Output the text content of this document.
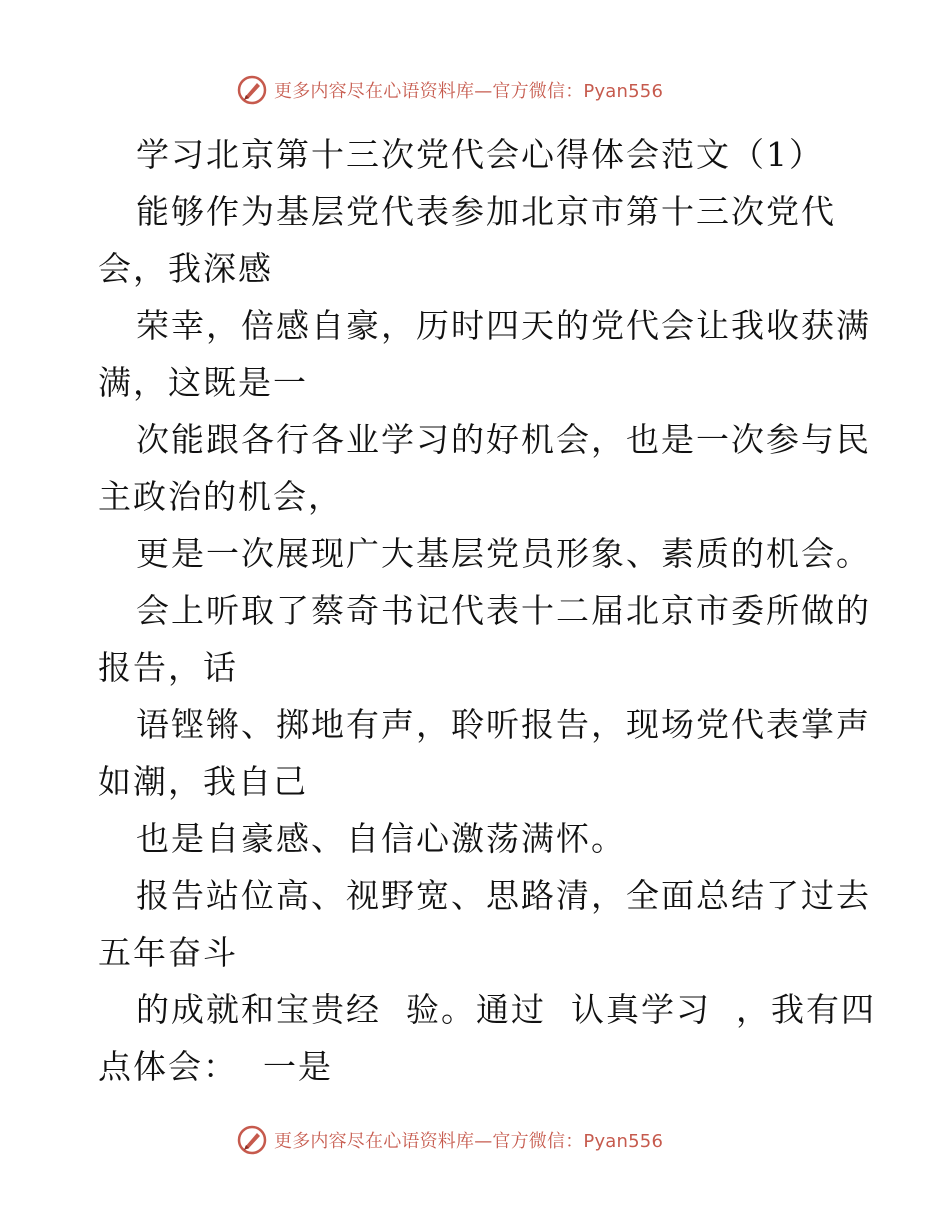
更多内容尽在心语资料库—官方微信：Pyan556

学习北京第十三次党代会心得体会范文（1）

能够作为基层党代表参加北京市第十三次党代

会，我深感

荣幸，倍感自豪，历时四天的党代会让我收获满

满，这既是一

次能跟各行各业学习的好机会，也是一次参与民

主政治的机会，

更是一次展现广大基层党员形象、素质的机会。

会上听取了蔡奇书记代表十二届北京市委所做的

报告，话

语铿锵、掷地有声，聆听报告，现场党代表掌声

如潮，我自己

也是自豪感、自信心激荡满怀。

报告站位高、视野宽、思路清，全面总结了过去

五年奋斗

的成就和宝贵经  验。通过  认真学习  ，我有四

点体会：  一是

更多内容尽在心语资料库—官方微信：Pyan556
